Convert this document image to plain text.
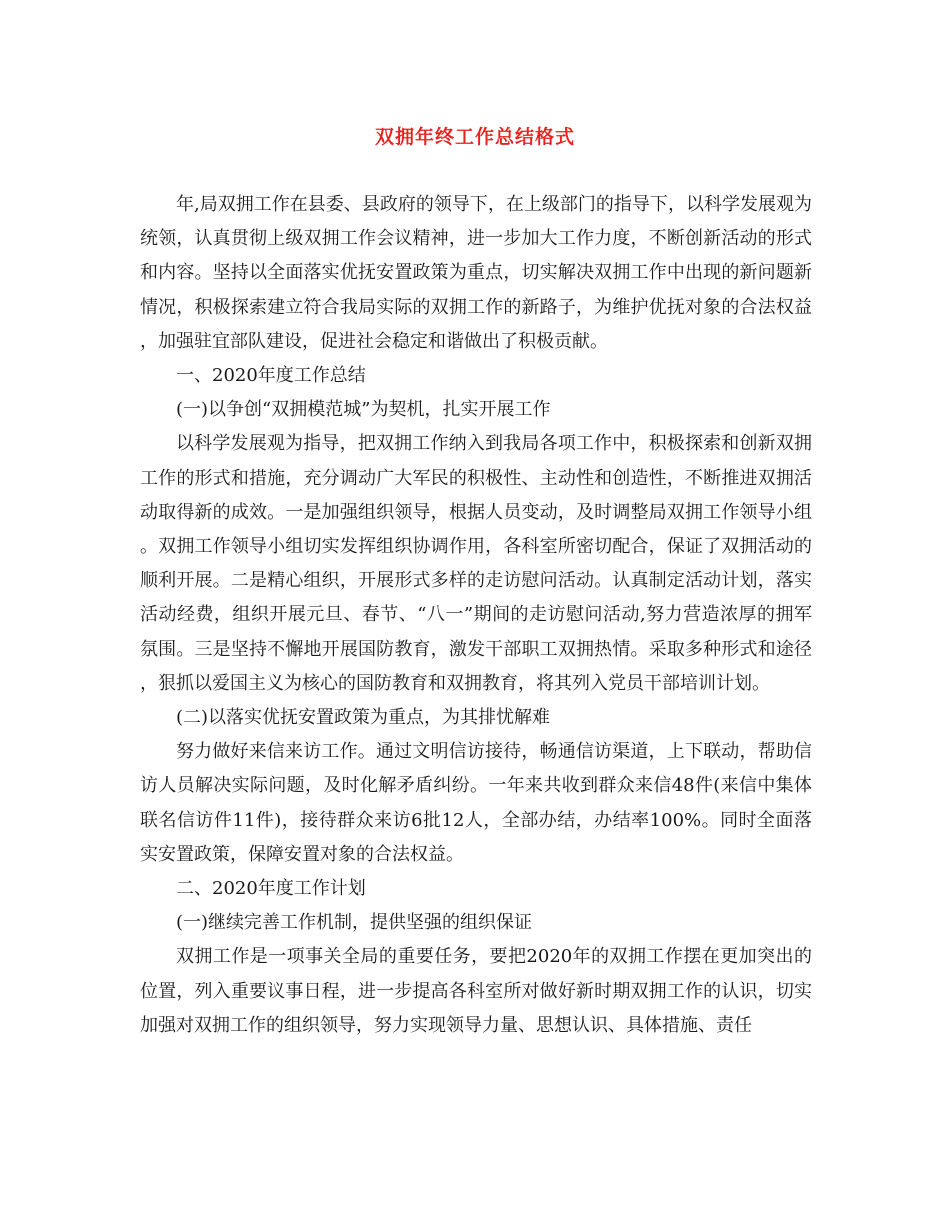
双拥年终工作总结格式

年,局双拥工作在县委、县政府的领导下，在上级部门的指导下，以科学发展观为统领，认真贯彻上级双拥工作会议精神，进一步加大工作力度，不断创新活动的形式和内容。坚持以全面落实优抚安置政策为重点，切实解决双拥工作中出现的新问题新情况，积极探索建立符合我局实际的双拥工作的新路子，为维护优抚对象的合法权益，加强驻宜部队建设，促进社会稳定和谐做出了积极贡献。

一、2020年度工作总结

(一)以争创“双拥模范城”为契机，扎实开展工作

以科学发展观为指导，把双拥工作纳入到我局各项工作中，积极探索和创新双拥工作的形式和措施，充分调动广大军民的积极性、主动性和创造性，不断推进双拥活动取得新的成效。一是加强组织领导，根据人员变动，及时调整局双拥工作领导小组。双拥工作领导小组切实发挥组织协调作用，各科室所密切配合，保证了双拥活动的顺利开展。二是精心组织，开展形式多样的走访慰问活动。认真制定活动计划，落实活动经费，组织开展元旦、春节、“八一”期间的走访慰问活动,努力营造浓厚的拥军氛围。三是坚持不懈地开展国防教育，激发干部职工双拥热情。采取多种形式和途径，狠抓以爱国主义为核心的国防教育和双拥教育，将其列入党员干部培训计划。

(二)以落实优抚安置政策为重点，为其排忧解难

努力做好来信来访工作。通过文明信访接待，畅通信访渠道，上下联动，帮助信访人员解决实际问题，及时化解矛盾纠纷。一年来共收到群众来信48件(来信中集体联名信访件11件)，接待群众来访6批12人，全部办结，办结率100%。同时全面落实安置政策，保障安置对象的合法权益。

二、2020年度工作计划

(一)继续完善工作机制，提供坚强的组织保证

双拥工作是一项事关全局的重要任务，要把2020年的双拥工作摆在更加突出的位置，列入重要议事日程，进一步提高各科室所对做好新时期双拥工作的认识，切实加强对双拥工作的组织领导，努力实现领导力量、思想认识、具体措施、责任
